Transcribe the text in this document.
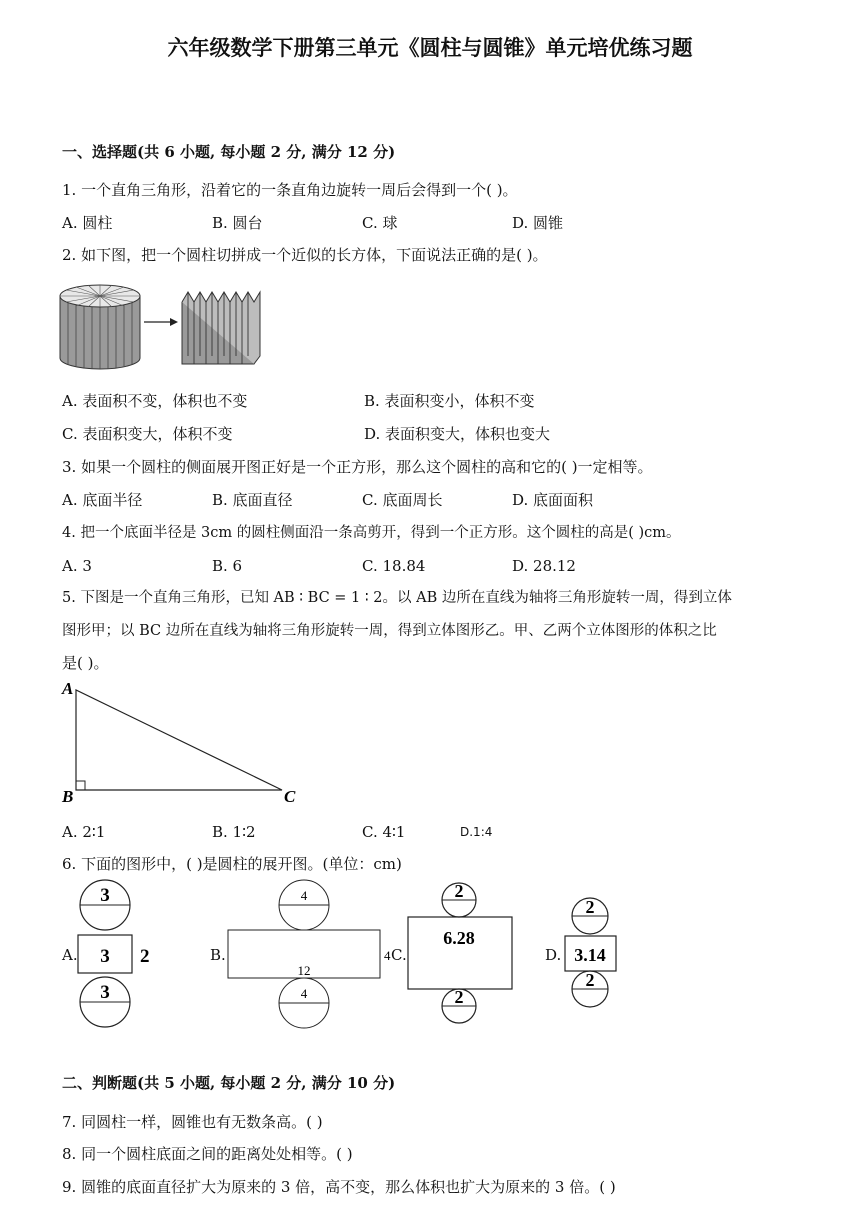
六年级数学下册第三单元《圆柱与圆锥》单元培优练习题
一、选择题(共 6 小题, 每小题 2 分, 满分 12 分)
1. 一个直角三角形，沿着它的一条直角边旋转一周后会得到一个( )。
A. 圆柱	B. 圆台	C. 球	D. 圆锥
2. 如下图，把一个圆柱切拼成一个近似的长方体，下面说法正确的是( )。
A. 表面积不变，体积也不变	B. 表面积变小，体积不变
C. 表面积变大，体积不变	D. 表面积变大，体积也变大
3. 如果一个圆柱的侧面展开图正好是一个正方形，那么这个圆柱的高和它的( )一定相等。
A. 底面半径	B. 底面直径	C. 底面周长	D. 底面面积
4. 把一个底面半径是 3cm 的圆柱侧面沿一条高剪开，得到一个正方形。这个圆柱的高是( )cm。
A. 3	B. 6	C. 18.84	D. 28.12
5. 下图是一个直角三角形，已知 AB ∶ BC = 1 ∶ 2。以 AB 边所在直线为轴将三角形旋转一周，得到立体
图形甲；以 BC 边所在直线为轴将三角形旋转一周，得到立体图形乙。甲、乙两个立体图形的体积之比
是( )。
A
B	C
A. 2∶1	B. 1∶2	C. 4∶1	D.1:4
6. 下面的图形中，( )是圆柱的展开图。(单位：cm)
A.
3
3 2
3
B.
4
12
4
4
C.
2
6.28
2
D.
2
3.14
2
二、判断题(共 5 小题, 每小题 2 分, 满分 10 分)
7. 同圆柱一样，圆锥也有无数条高。( )
8. 同一个圆柱底面之间的距离处处相等。( )
9. 圆锥的底面直径扩大为原来的 3 倍，高不变，那么体积也扩大为原来的 3 倍。( )
